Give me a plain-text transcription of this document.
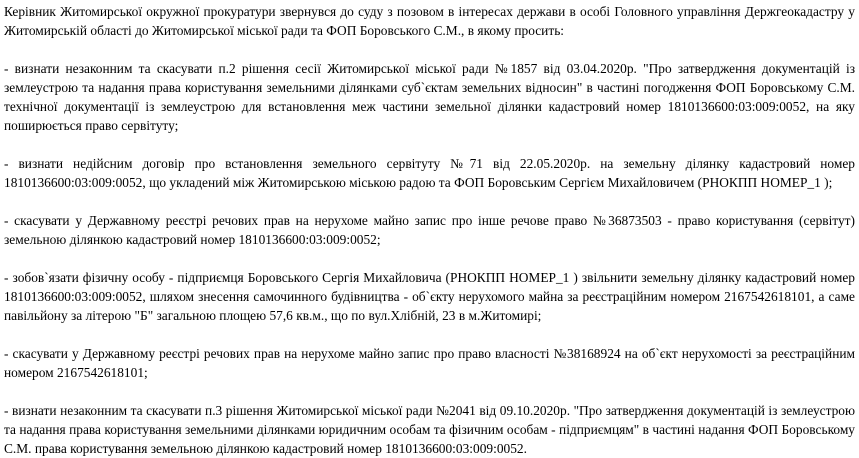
Керівник Житомирської окружної прокуратури звернувся до суду з позовом в інтересах держави в особі Головного управління Держгеокадастру у Житомирській області до Житомирської міської ради та ФОП Боровського С.М., в якому просить:

- визнати незаконним та скасувати п.2 рішення сесії Житомирської міської ради №1857 від 03.04.2020р. "Про затвердження документацій із землеустрою та надання права користування земельними ділянками суб`єктам земельних відносин" в частині погодження ФОП Боровському С.М. технічної документації із землеустрою для встановлення меж частини земельної ділянки кадастровий номер 1810136600:03:009:0052, на яку поширюється право сервітуту;

- визнати недійсним договір про встановлення земельного сервітуту №71 від 22.05.2020р. на земельну ділянку кадастровий номер 1810136600:03:009:0052, що укладений між Житомирською міською радою та ФОП Боровським Сергієм Михайловичем (РНОКПП НОМЕР_1 );

- скасувати у Державному реєстрі речових прав на нерухоме майно запис про інше речове право №36873503 - право користування (сервітут) земельною ділянкою кадастровий номер 1810136600:03:009:0052;

- зобов`язати фізичну особу - підприємця Боровського Сергія Михайловича (РНОКПП НОМЕР_1 ) звільнити земельну ділянку кадастровий номер 1810136600:03:009:0052, шляхом знесення самочинного будівництва - об`єкту нерухомого майна за реєстраційним номером 2167542618101, а саме павільйону за літерою "Б" загальною площею 57,6 кв.м., що по вул.Хлібній, 23 в м.Житомирі;

- скасувати у Державному реєстрі речових прав на нерухоме майно запис про право власності №38168924 на об`єкт нерухомості за реєстраційним номером 2167542618101;

- визнати незаконним та скасувати п.3 рішення Житомирської міської ради №2041 від 09.10.2020р. "Про затвердження документацій із землеустрою та надання права користування земельними ділянками юридичним особам та фізичним особам - підприємцям" в частині надання ФОП Боровському С.М. права користування земельною ділянкою кадастровий номер 1810136600:03:009:0052.
